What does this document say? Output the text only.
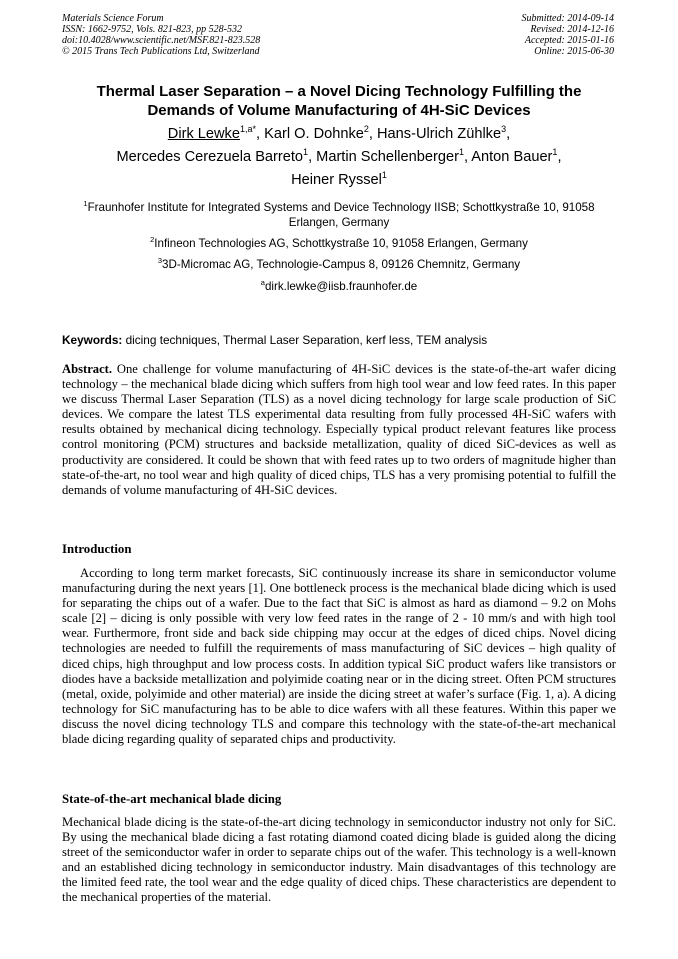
Materials Science Forum
ISSN: 1662-9752, Vols. 821-823, pp 528-532
doi:10.4028/www.scientific.net/MSF.821-823.528
© 2015 Trans Tech Publications Ltd, Switzerland
Submitted: 2014-09-14
Revised: 2014-12-16
Accepted: 2015-01-16
Online: 2015-06-30
Thermal Laser Separation – a Novel Dicing Technology Fulfilling the Demands of Volume Manufacturing of 4H-SiC Devices
Dirk Lewke$^{1,a*}$, Karl O. Dohnke$^2$, Hans-Ulrich Zühlke$^3$,
Mercedes Cerezuela Barreto$^1$, Martin Schellenberger$^1$, Anton Bauer$^1$,
Heiner Ryssel$^1$
$^1$Fraunhofer Institute for Integrated Systems and Device Technology IISB; Schottkystraße 10, 91058 Erlangen, Germany
$^2$Infineon Technologies AG, Schottkystraße 10, 91058 Erlangen, Germany
$^3$3D-Micromac AG, Technologie-Campus 8, 09126 Chemnitz, Germany
$^a$dirk.lewke@iisb.fraunhofer.de
Keywords: dicing techniques, Thermal Laser Separation, kerf less, TEM analysis

Abstract. One challenge for volume manufacturing of 4H-SiC devices is the state-of-the-art wafer dicing technology – the mechanical blade dicing which suffers from high tool wear and low feed rates. In this paper we discuss Thermal Laser Separation (TLS) as a novel dicing technology for large scale production of SiC devices. We compare the latest TLS experimental data resulting from fully processed 4H-SiC wafers with results obtained by mechanical dicing technology. Especially typical product relevant features like process control monitoring (PCM) structures and backside metallization, quality of diced SiC-devices as well as productivity are considered. It could be shown that with feed rates up to two orders of magnitude higher than state-of-the-art, no tool wear and high quality of diced chips, TLS has a very promising potential to fulfill the demands of volume manufacturing of 4H-SiC devices.

Introduction

According to long term market forecasts, SiC continuously increase its share in semiconductor volume manufacturing during the next years [1]. One bottleneck process is the mechanical blade dicing which is used for separating the chips out of a wafer. Due to the fact that SiC is almost as hard as diamond – 9.2 on Mohs scale [2] – dicing is only possible with very low feed rates in the range of 2 - 10 mm/s and with high tool wear. Furthermore, front side and back side chipping may occur at the edges of diced chips. Novel dicing technologies are needed to fulfill the requirements of mass manufacturing of SiC devices – high quality of diced chips, high throughput and low process costs. In addition typical SiC product wafers like transistors or diodes have a backside metallization and polyimide coating near or in the dicing street. Often PCM structures (metal, oxide, polyimide and other material) are inside the dicing street at wafer’s surface (Fig. 1, a). A dicing technology for SiC manufacturing has to be able to dice wafers with all these features. Within this paper we discuss the novel dicing technology TLS and compare this technology with the state-of-the-art mechanical blade dicing regarding quality of separated chips and productivity.

State-of-the-art mechanical blade dicing

Mechanical blade dicing is the state-of-the-art dicing technology in semiconductor industry not only for SiC. By using the mechanical blade dicing a fast rotating diamond coated dicing blade is guided along the dicing street of the semiconductor wafer in order to separate chips out of the wafer. This technology is a well-known and an established dicing technology in semiconductor industry. Main disadvantages of this technology are the limited feed rate, the tool wear and the edge quality of diced chips. These characteristics are dependent to the mechanical properties of the material.
